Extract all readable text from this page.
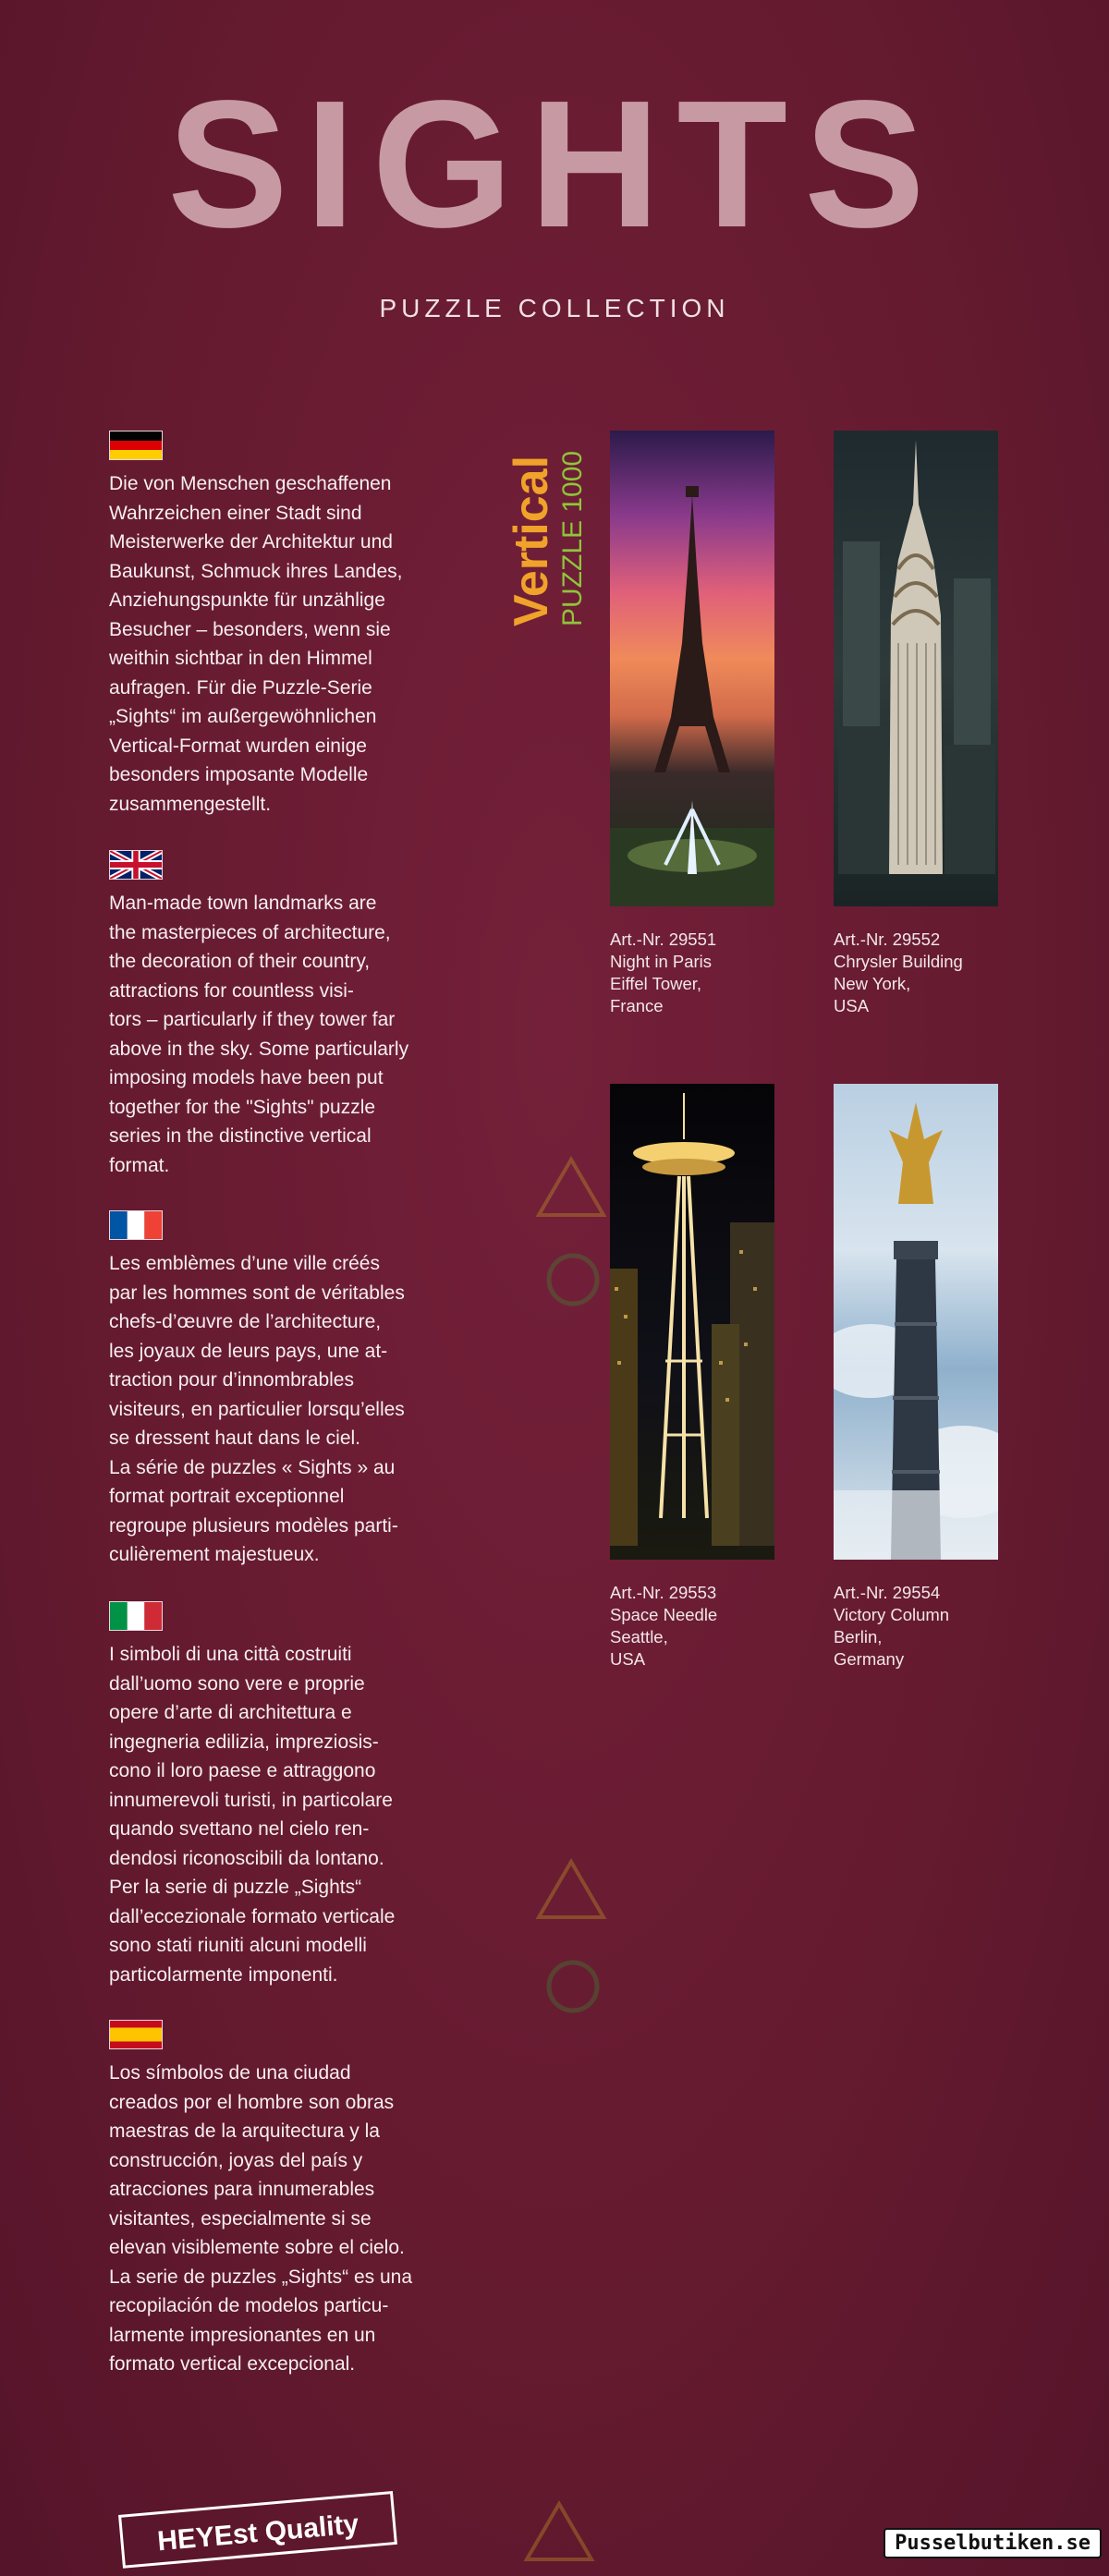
SIGHTS
PUZZLE COLLECTION
Die von Menschen geschaffenen
Wahrzeichen einer Stadt sind
Meisterwerke der Architektur und
Baukunst, Schmuck ihres Landes,
Anziehungspunkte für unzählige
Besucher – besonders, wenn sie
weithin sichtbar in den Himmel
aufragen. Für die Puzzle-Serie
„Sights“ im außergewöhnlichen
Vertical-Format wurden einige
besonders imposante Modelle
zusammengestellt.
Man-made town landmarks are
the masterpieces of architecture,
the decoration of their country,
attractions for countless visi-
tors – particularly if they tower far
above in the sky. Some particularly
imposing models have been put
together for the "Sights" puzzle
series in the distinctive vertical
format.
Les emblèmes d’une ville créés
par les hommes sont de véritables
chefs-d’œuvre de l’architecture,
les joyaux de leurs pays, une at-
traction pour d’innombrables
visiteurs, en particulier lorsqu’elles
se dressent haut dans le ciel.
La série de puzzles « Sights » au
format portrait exceptionnel
regroupe plusieurs modèles parti-
culièrement majestueux.
I simboli di una città costruiti
dall’uomo sono vere e proprie
opere d’arte di architettura e
ingegneria edilizia, impreziosis-
cono il loro paese e attraggono
innumerevoli turisti, in particolare
quando svettano nel cielo ren-
dendosi riconoscibili da lontano.
Per la serie di puzzle „Sights“
dall’eccezionale formato verticale
sono stati riuniti alcuni modelli
particolarmente imponenti.
Los símbolos de una ciudad
creados por el hombre son obras
maestras de la arquitectura y la
construcción, joyas del país y
atracciones para innumerables
visitantes, especialmente si se
elevan visiblemente sobre el cielo.
La serie de puzzles „Sights“ es una
recopilación de modelos particu-
larmente impresionantes en un
formato vertical excepcional.
Vertical PUZZLE 1000
Art.-Nr. 29551
Night in Paris
Eiffel Tower,
France
Art.-Nr. 29552
Chrysler Building
New York,
USA
Art.-Nr. 29553
Space Needle
Seattle,
USA
Art.-Nr. 29554
Victory Column
Berlin,
Germany
HEYEst Quality	Pusselbutiken.se
